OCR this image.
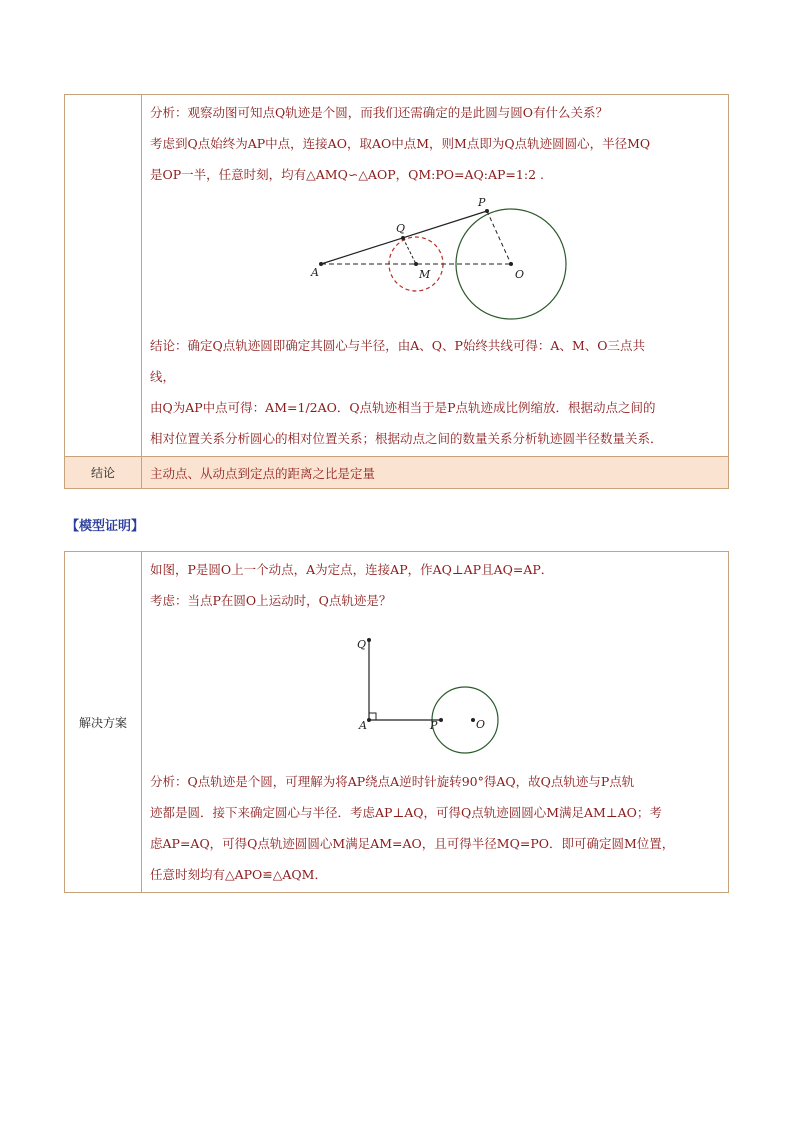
分析：观察动图可知点Q轨迹是个圆，而我们还需确定的是此圆与圆O有什么关系？

考虑到Q点始终为AP中点，连接AO，取AO中点M，则M点即为Q点轨迹圆圆心，半径MQ

是OP一半，任意时刻，均有△AMQ∽△AOP，QM:PO=AQ:AP=1:2 .

A
Q
M
P
O

结论：确定Q点轨迹圆即确定其圆心与半径，由A、Q、P始终共线可得：A、M、O三点共

线，

由Q为AP中点可得：AM=1/2AO．Q点轨迹相当于是P点轨迹成比例缩放．根据动点之间的

相对位置关系分析圆心的相对位置关系；根据动点之间的数量关系分析轨迹圆半径数量关系．

结论	主动点、从动点到定点的距离之比是定量
【模型证明】
解决方案

如图，P是圆O上一个动点，A为定点，连接AP，作AQ⊥AP且AQ=AP．

考虑：当点P在圆O上运动时，Q点轨迹是？

Q
A	P	O

分析：Q点轨迹是个圆，可理解为将AP绕点A逆时针旋转90°得AQ，故Q点轨迹与P点轨

迹都是圆．接下来确定圆心与半径．考虑AP⊥AQ，可得Q点轨迹圆圆心M满足AM⊥AO；考

虑AP=AQ，可得Q点轨迹圆圆心M满足AM=AO，且可得半径MQ=PO．即可确定圆M位置，

任意时刻均有△APO≌△AQM．
